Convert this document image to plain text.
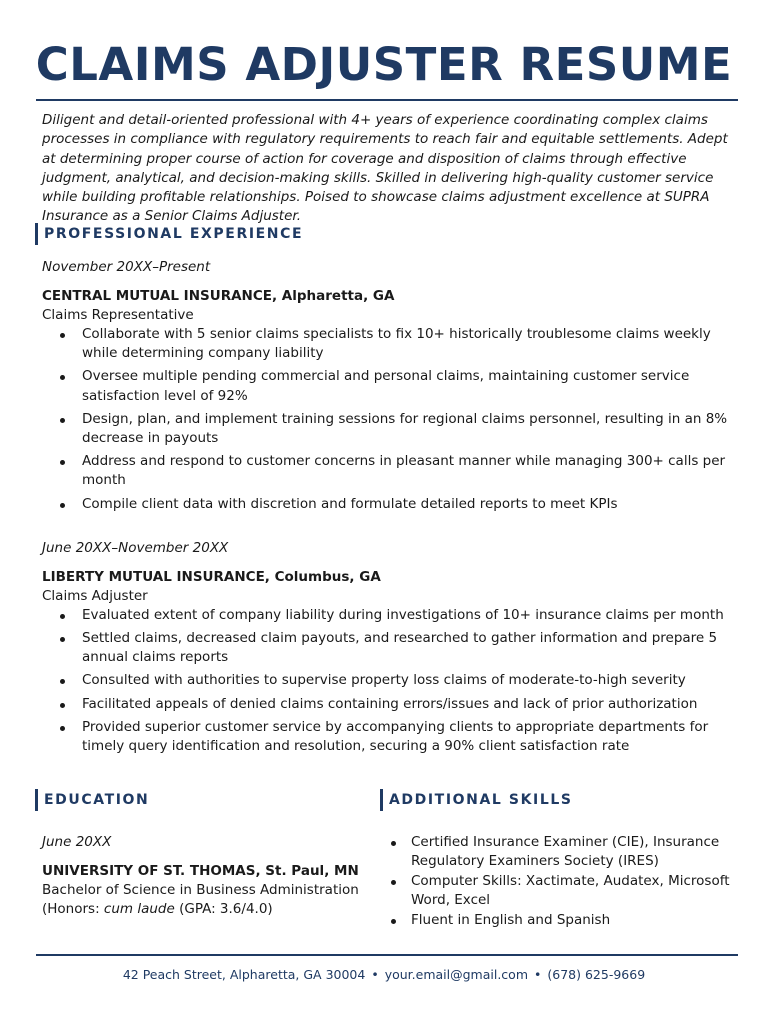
CLAIMS ADJUSTER RESUME

Diligent and detail-oriented professional with 4+ years of experience coordinating complex claims processes in compliance with regulatory requirements to reach fair and equitable settlements. Adept at determining proper course of action for coverage and disposition of claims through effective judgment, analytical, and decision-making skills. Skilled in delivering high-quality customer service while building profitable relationships. Poised to showcase claims adjustment excellence at SUPRA Insurance as a Senior Claims Adjuster.

PROFESSIONAL EXPERIENCE
November 20XX–Present
CENTRAL MUTUAL INSURANCE, Alpharetta, GA
Claims Representative
Collaborate with 5 senior claims specialists to fix 10+ historically troublesome claims weekly while determining company liability
Oversee multiple pending commercial and personal claims, maintaining customer service satisfaction level of 92%
Design, plan, and implement training sessions for regional claims personnel, resulting in an 8% decrease in payouts
Address and respond to customer concerns in pleasant manner while managing 300+ calls per month
Compile client data with discretion and formulate detailed reports to meet KPIs
June 20XX–November 20XX
LIBERTY MUTUAL INSURANCE, Columbus, GA
Claims Adjuster
Evaluated extent of company liability during investigations of 10+ insurance claims per month
Settled claims, decreased claim payouts, and researched to gather information and prepare 5 annual claims reports
Consulted with authorities to supervise property loss claims of moderate-to-high severity
Facilitated appeals of denied claims containing errors/issues and lack of prior authorization
Provided superior customer service by accompanying clients to appropriate departments for timely query identification and resolution, securing a 90% client satisfaction rate
EDUCATION
June 20XX
UNIVERSITY OF ST. THOMAS, St. Paul, MN
Bachelor of Science in Business Administration
(Honors: cum laude (GPA: 3.6/4.0)
ADDITIONAL SKILLS
Certified Insurance Examiner (CIE), Insurance Regulatory Examiners Society (IRES)
Computer Skills: Xactimate, Audatex, Microsoft Word, Excel
Fluent in English and Spanish
42 Peach Street, Alpharetta, GA 30004 • your.email@gmail.com • (678) 625-9669
